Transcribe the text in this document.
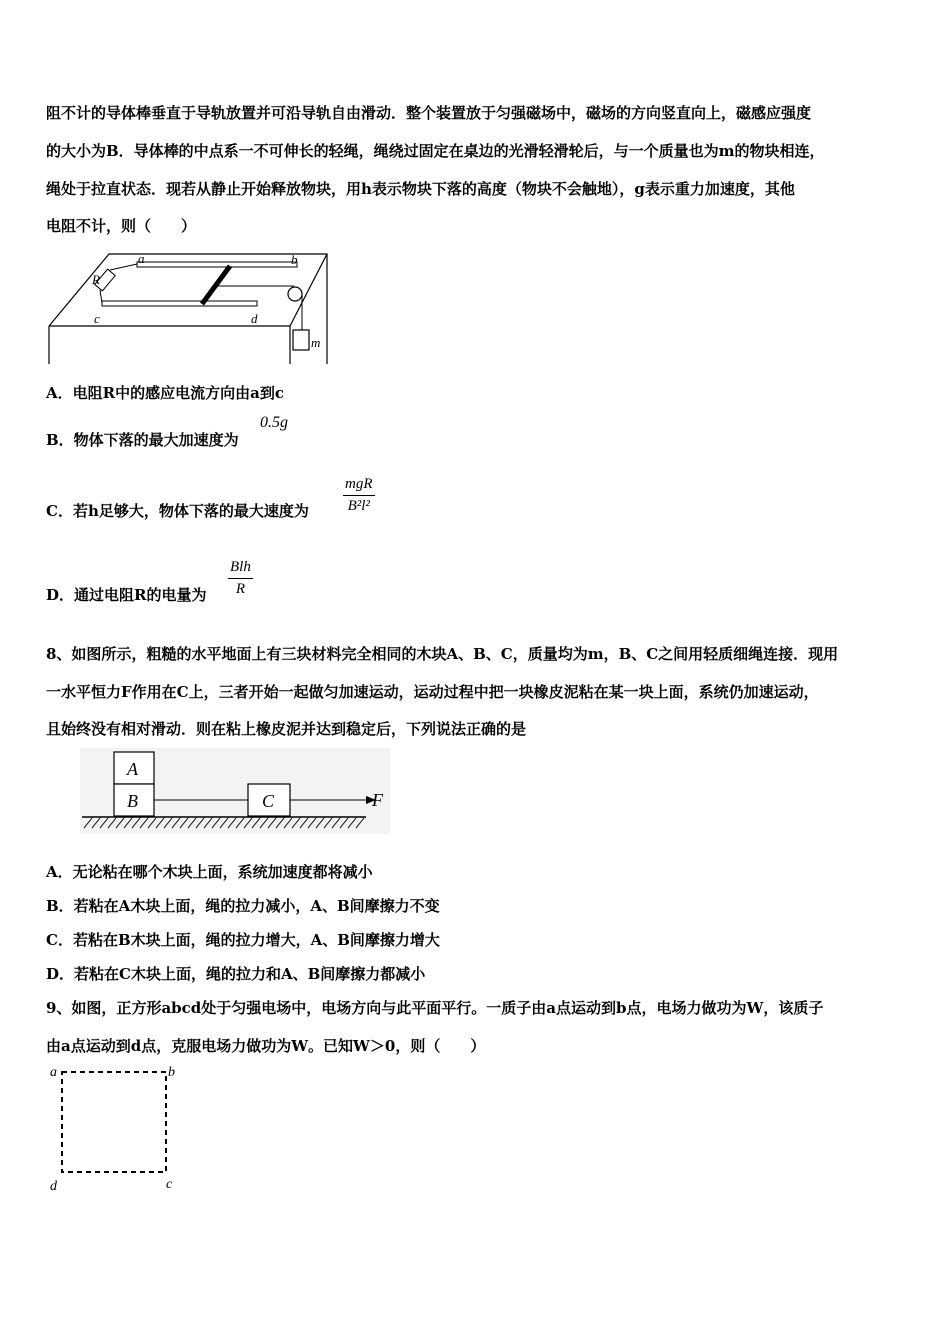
阻不计的导体棒垂直于导轨放置并可沿导轨自由滑动．整个装置放于匀强磁场中，磁场的方向竖直向上，磁感应强度
的大小为B．导体棒的中点系一不可伸长的轻绳，绳绕过固定在桌边的光滑轻滑轮后，与一个质量也为m的物块相连，
绳处于拉直状态．现若从静止开始释放物块，用h表示物块下落的高度（物块不会触地），g表示重力加速度，其他
电阻不计，则（　　）
a	b
c	d
R
m
A．电阻R中的感应电流方向由a到c
B．物体下落的最大加速度为
0.5g
C．若h足够大，物体下落的最大速度为
mgR
B²l²
D．通过电阻R的电量为
Blh
R
8、如图所示，粗糙的水平地面上有三块材料完全相同的木块A、B、C，质量均为m，B、C之间用轻质细绳连接．现用
一水平恒力F作用在C上，三者开始一起做匀加速运动，运动过程中把一块橡皮泥粘在某一块上面，系统仍加速运动，
且始终没有相对滑动．则在粘上橡皮泥并达到稳定后，下列说法正确的是
A
B	C	F
A．无论粘在哪个木块上面，系统加速度都将减小
B．若粘在A木块上面，绳的拉力减小，A、B间摩擦力不变
C．若粘在B木块上面，绳的拉力增大，A、B间摩擦力增大
D．若粘在C木块上面，绳的拉力和A、B间摩擦力都减小
9、如图，正方形abcd处于匀强电场中，电场方向与此平面平行。一质子由a点运动到b点，电场力做功为W，该质子
由a点运动到d点，克服电场力做功为W。已知W＞0，则（　　）
a	b
c
d
